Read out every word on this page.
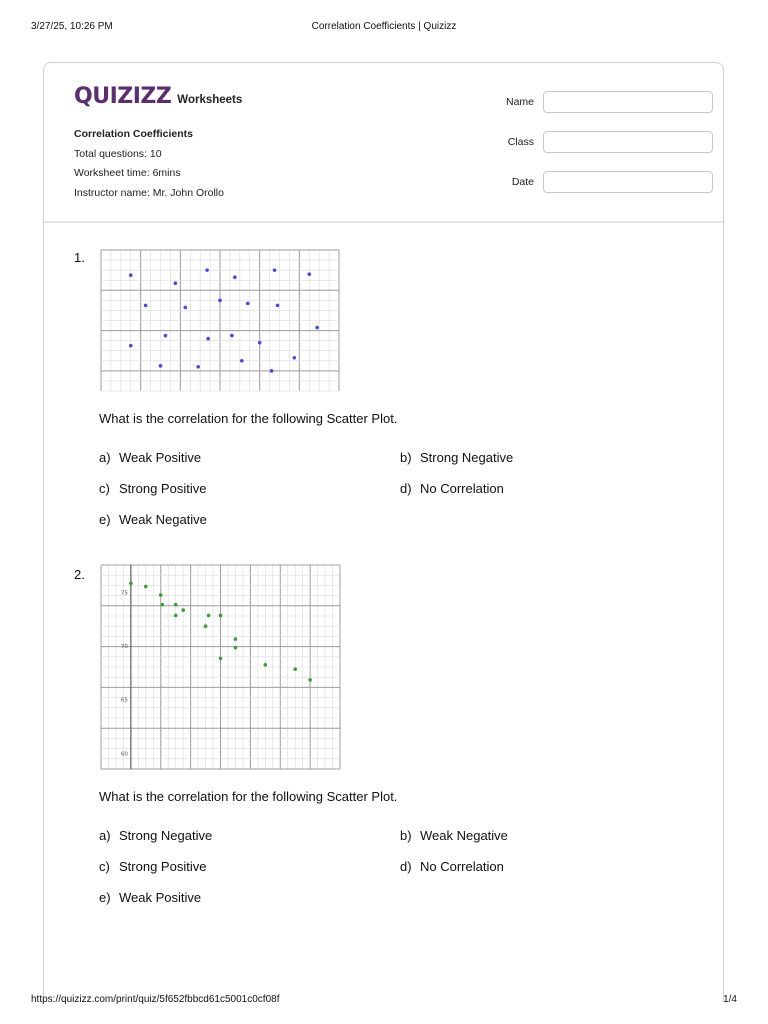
3/27/25, 10:26 PM	Correlation Coefficients | Quizizz
QUIZIZZ Worksheets
Correlation Coefficients
Total questions: 10
Worksheet time: 6mins
Instructor name: Mr. John Orollo
Name
Class
Date
1.
What is the correlation for the following Scatter Plot.
a) Weak Positive	b) Strong Negative
c) Strong Positive	d) No Correlation
e) Weak Negative
2.
60
65
70
75
What is the correlation for the following Scatter Plot.
a) Strong Negative	b) Weak Negative
c) Strong Positive	d) No Correlation
e) Weak Positive
https://quizizz.com/print/quiz/5f652fbbcd61c5001c0cf08f	1/4
